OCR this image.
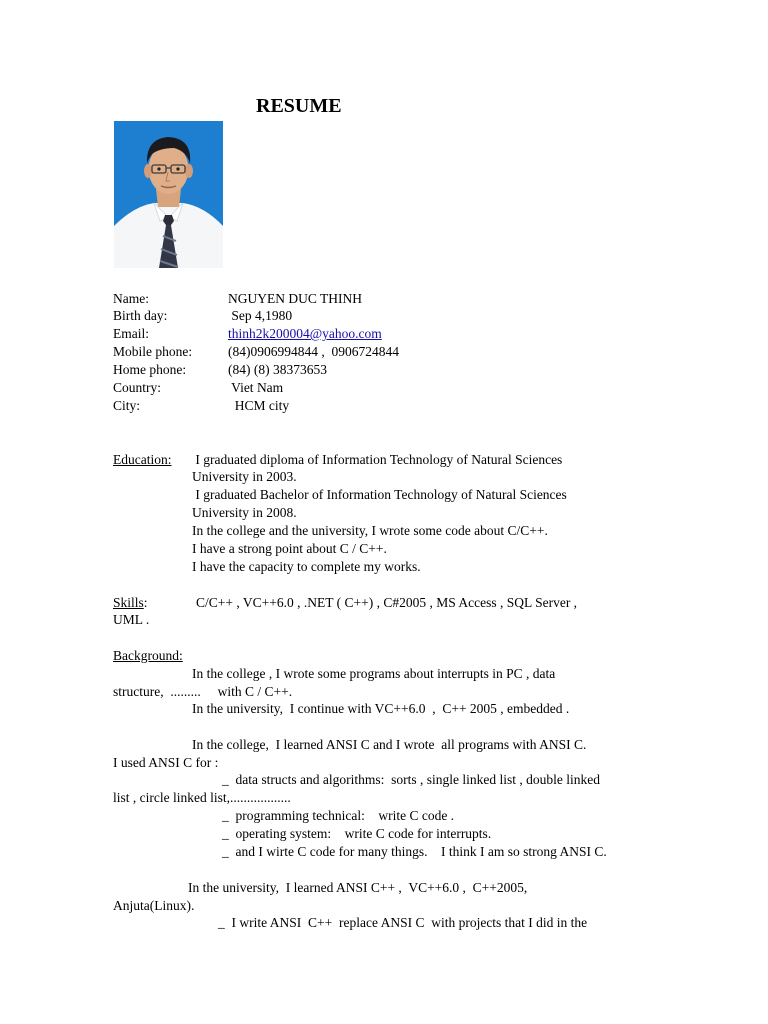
RESUME
Name:	NGUYEN DUC THINH
Birth day:	Sep 4,1980
Email:	thinh2k200004@yahoo.com
Mobile phone:	(84)0906994844 ,  0906724844
Home phone:	(84) (8) 38373653
Country:	Viet Nam
City:	HCM city
Education: I graduated diploma of Information Technology of Natural Sciences
University in 2003.
I graduated Bachelor of Information Technology of Natural Sciences
University in 2008.
In the college and the university, I wrote some code about C/C++.
I have a strong point about C / C++.
I have the capacity to complete my works.
Skills:	C/C++ , VC++6.0 , .NET ( C++) , C#2005 , MS Access , SQL Server ,
UML .
Background:
In the college , I wrote some programs about interrupts in PC , data
structure,  .........     with C / C++.
In the university,  I continue with VC++6.0  ,  C++ 2005 , embedded .
In the college,  I learned ANSI C and I wrote  all programs with ANSI C.
I used ANSI C for :
_  data structs and algorithms:  sorts , single linked list , double linked
list , circle linked list,..................
_  programming technical:    write C code .
_  operating system:    write C code for interrupts.
_  and I wirte C code for many things.    I think I am so strong ANSI C.
In the university,  I learned ANSI C++ ,  VC++6.0 ,  C++2005,
Anjuta(Linux).
_  I write ANSI  C++  replace ANSI C  with projects that I did in the
